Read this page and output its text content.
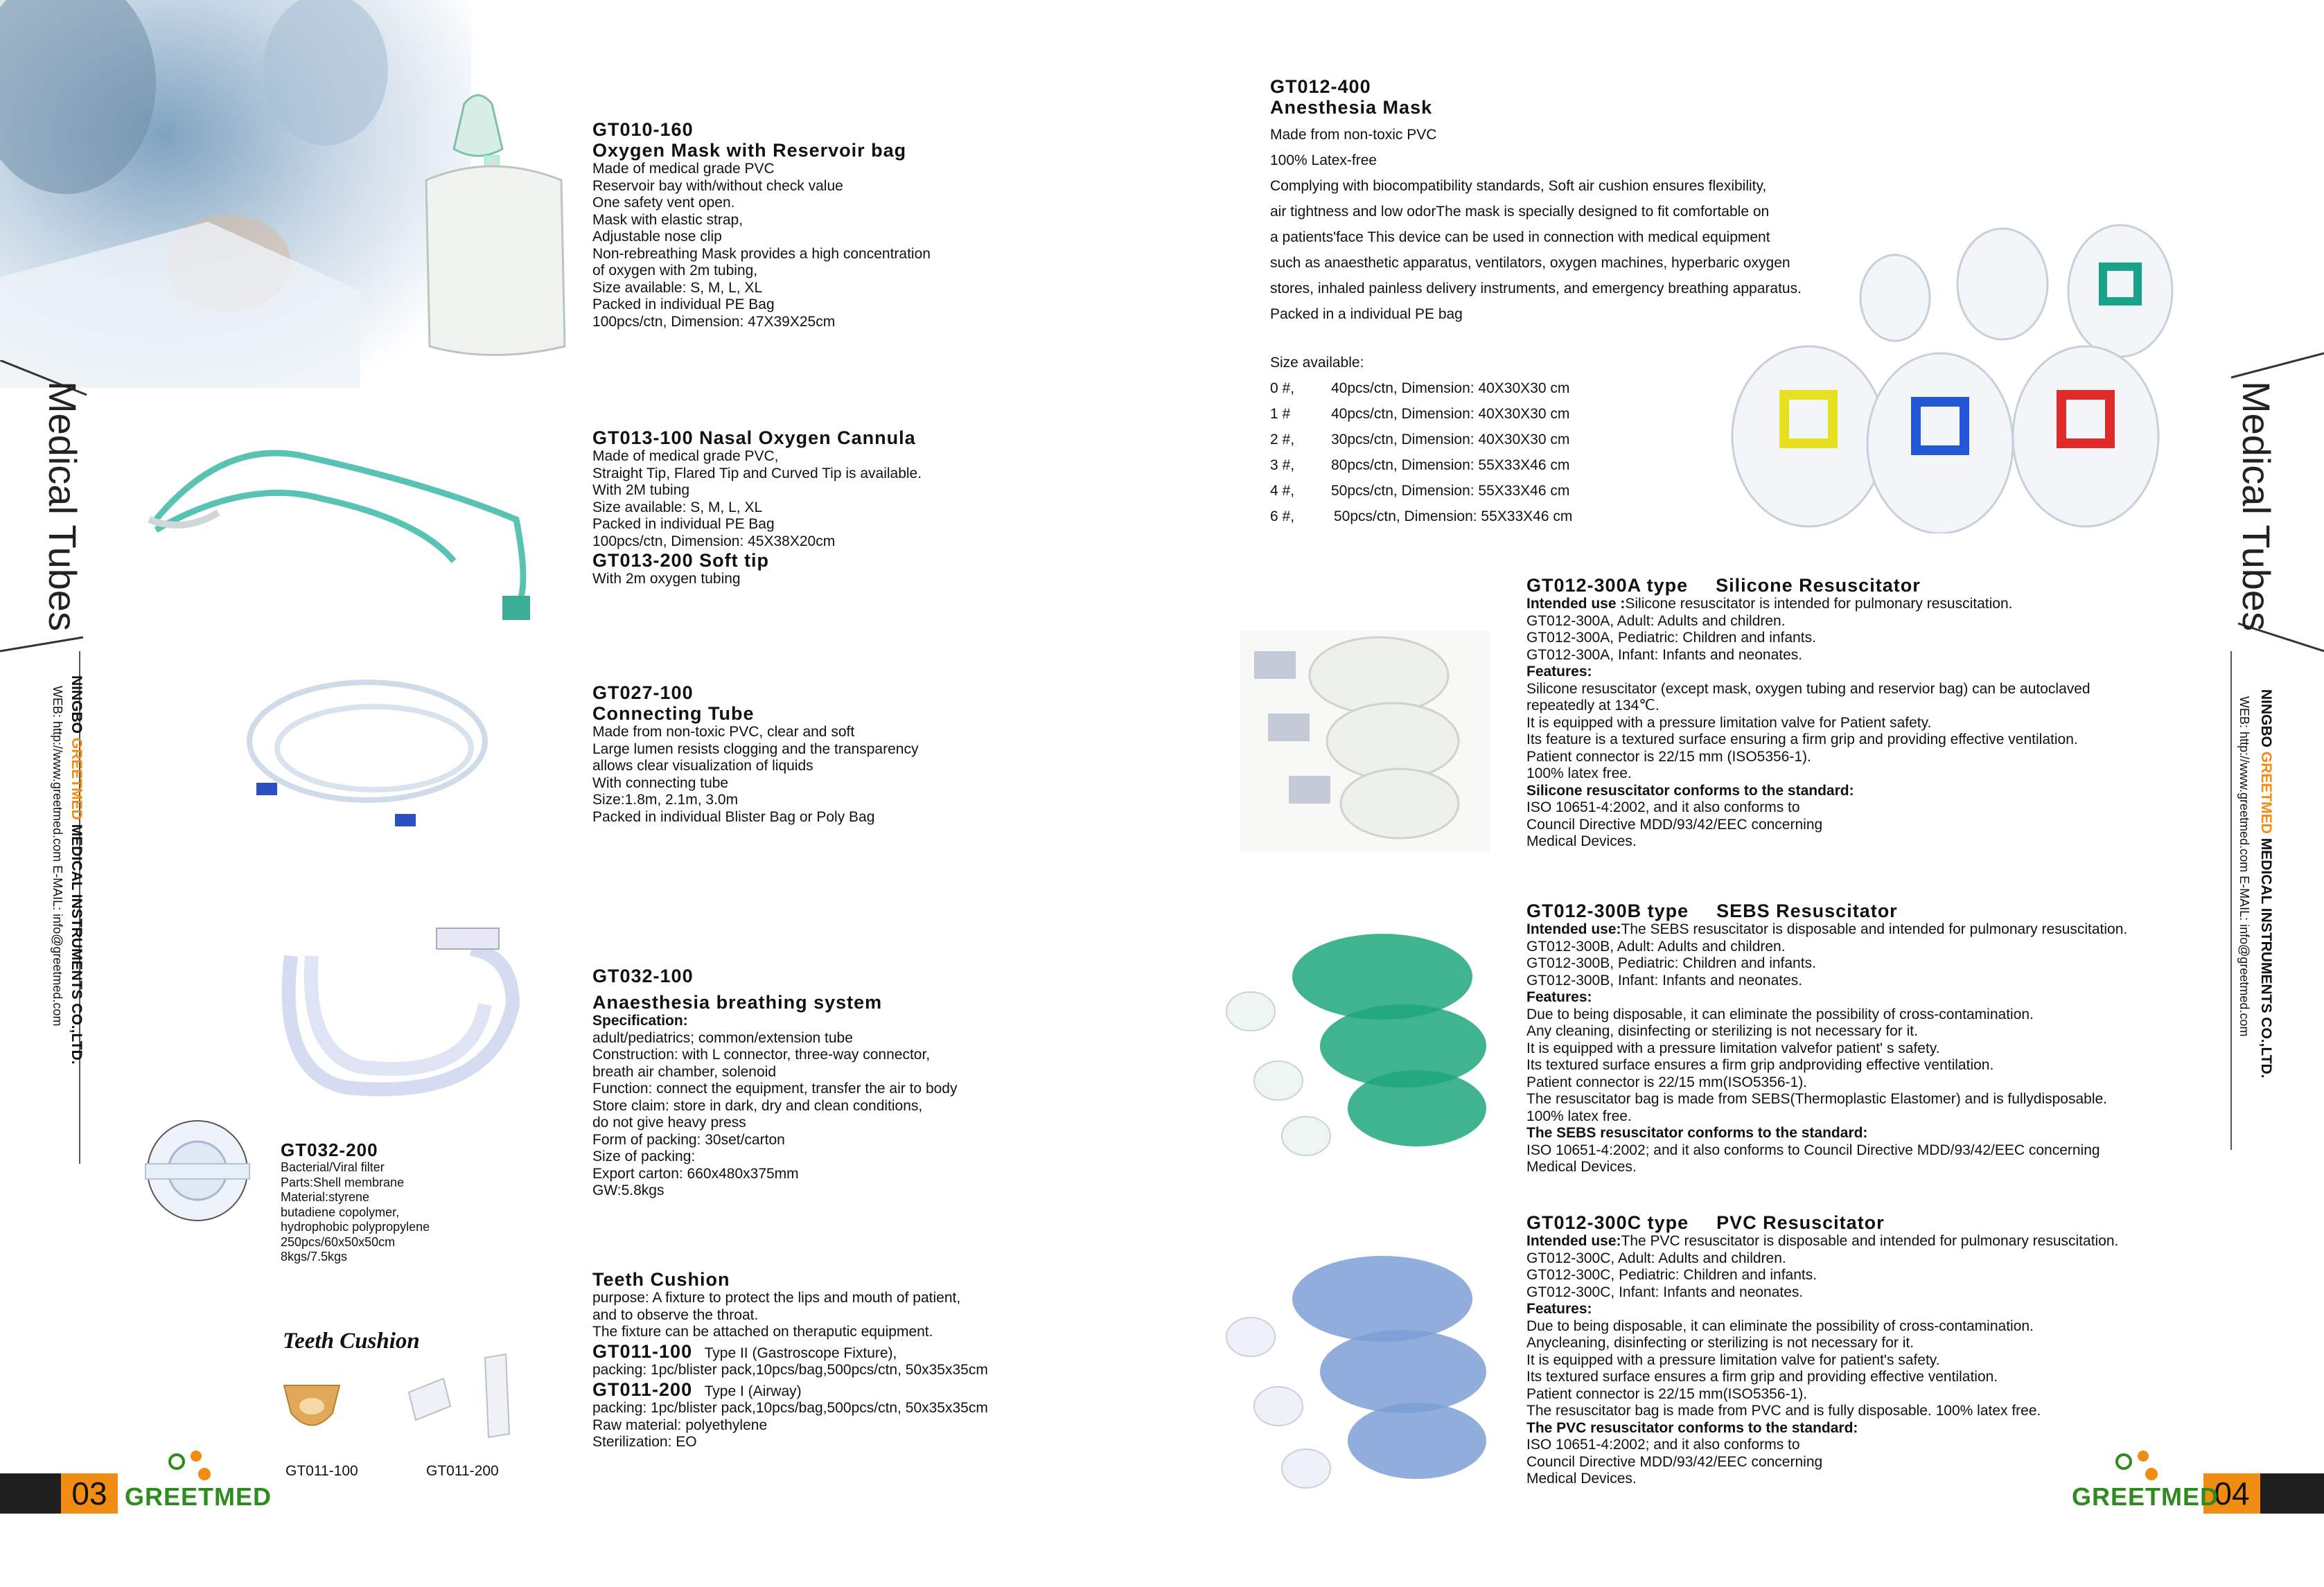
Medical Tubes
NINGBO GREETMED MEDICAL INSTRUMENTS CO.,LTD.
WEB: http://www.greetmed.com E-MAIL: info@greetmed.com
Medical Tubes
NINGBO GREETMED MEDICAL INSTRUMENTS CO.,LTD.
WEB: http://www.greetmed.com E-MAIL: info@greetmed.com
GT010-160
Oxygen Mask with Reservoir bag
Made of medical grade PVC
Reservoir bay with/without check value
One safety vent open.
Mask with elastic strap,
Adjustable nose clip
Non-rebreathing Mask provides a high concentration
of oxygen with 2m tubing,
Size available: S, M, L, XL
Packed in individual PE Bag
100pcs/ctn, Dimension: 47X39X25cm
GT013-100 Nasal Oxygen Cannula
Made of medical grade PVC,
Straight Tip, Flared Tip and Curved Tip is available.
With 2M tubing
Size available: S, M, L, XL
Packed in individual PE Bag
100pcs/ctn, Dimension: 45X38X20cm
GT013-200 Soft tip
With 2m oxygen tubing
GT027-100
Connecting Tube
Made from non-toxic PVC, clear and soft
Large lumen resists clogging and the transparency
allows clear visualization of liquids
With connecting tube
Size:1.8m, 2.1m, 3.0m
Packed in individual Blister Bag or Poly Bag
GT032-100
Anaesthesia breathing system
Specification:
adult/pediatrics; common/extension tube
Construction: with L connector, three-way connector,
breath air chamber, solenoid
Function: connect the equipment, transfer the air to body
Store claim: store in dark, dry and clean conditions,
do not give heavy press
Form of packing: 30set/carton
Size of packing:
Export carton: 660x480x375mm
GW:5.8kgs
GT032-200
Bacterial/Viral filter
Parts:Shell membrane
Material:styrene
butadiene copolymer,
hydrophobic polypropylene
250pcs/60x50x50cm
8kgs/7.5kgs
Teeth Cushion
GT011-100	GT011-200
Teeth Cushion
purpose: A fixture to protect the lips and mouth of patient,
and to observe the throat.
The fixture can be attached on theraputic equipment.
GT011-100 Type II (Gastroscope Fixture),
packing: 1pc/blister pack,10pcs/bag,500pcs/ctn, 50x35x35cm
GT011-200 Type I (Airway)
packing: 1pc/blister pack,10pcs/bag,500pcs/ctn, 50x35x35cm
Raw material: polyethylene
Sterilization: EO
GT012-400
Anesthesia Mask
Made from non-toxic PVC
100% Latex-free
Complying with biocompatibility standards, Soft air cushion ensures flexibility,
air tightness and low odorThe mask is specially designed to fit comfortable on
a patients'face This device can be used in connection with medical equipment
such as anaesthetic apparatus, ventilators, oxygen machines, hyperbaric oxygen
stores, inhaled painless delivery instruments, and emergency breathing apparatus.
Packed in a individual PE bag
Size available:
0 #,	40pcs/ctn, Dimension: 40X30X30 cm
1 #	40pcs/ctn, Dimension: 40X30X30 cm
2 #,	30pcs/ctn, Dimension: 40X30X30 cm
3 #,	80pcs/ctn, Dimension: 55X33X46 cm
4 #,	50pcs/ctn, Dimension: 55X33X46 cm
6 #,	50pcs/ctn, Dimension: 55X33X46 cm
GT012-300A type Silicone Resuscitator
Intended use :Silicone resuscitator is intended for pulmonary resuscitation.
GT012-300A, Adult: Adults and children.
GT012-300A, Pediatric: Children and infants.
GT012-300A, Infant: Infants and neonates.
Features:
Silicone resuscitator (except mask, oxygen tubing and reservior bag) can be autoclaved
repeatedly at 134℃.
It is equipped with a pressure limitation valve for Patient safety.
Its feature is a textured surface ensuring a firm grip and providing effective ventilation.
Patient connector is 22/15 mm (ISO5356-1).
100% latex free.
Silicone resuscitator conforms to the standard:
ISO 10651-4:2002, and it also conforms to
Council Directive MDD/93/42/EEC concerning
Medical Devices.
GT012-300B type SEBS Resuscitator
Intended use:The SEBS resuscitator is disposable and intended for pulmonary resuscitation.
GT012-300B, Adult: Adults and children.
GT012-300B, Pediatric: Children and infants.
GT012-300B, Infant: Infants and neonates.
Features:
Due to being disposable, it can eliminate the possibility of cross-contamination.
Any cleaning, disinfecting or sterilizing is not necessary for it.
It is equipped with a pressure limitation valvefor patient' s safety.
Its textured surface ensures a firm grip andproviding effective ventilation.
Patient connector is 22/15 mm(ISO5356-1).
The resuscitator bag is made from SEBS(Thermoplastic Elastomer) and is fullydisposable.
100% latex free.
The SEBS resuscitator conforms to the standard:
ISO 10651-4:2002; and it also conforms to Council Directive MDD/93/42/EEC concerning
Medical Devices.
GT012-300C type PVC Resuscitator
Intended use:The PVC resuscitator is disposable and intended for pulmonary resuscitation.
GT012-300C, Adult: Adults and children.
GT012-300C, Pediatric: Children and infants.
GT012-300C, Infant: Infants and neonates.
Features:
Due to being disposable, it can eliminate the possibility of cross-contamination.
Anycleaning, disinfecting or sterilizing is not necessary for it.
It is equipped with a pressure limitation valve for patient's safety.
Its textured surface ensures a firm grip and providing effective ventilation.
Patient connector is 22/15 mm(ISO5356-1).
The resuscitator bag is made from PVC and is fully disposable. 100% latex free.
The PVC resuscitator conforms to the standard:
ISO 10651-4:2002; and it also conforms to
Council Directive MDD/93/42/EEC concerning
Medical Devices.
03 GREETMED	04
GREETMED
